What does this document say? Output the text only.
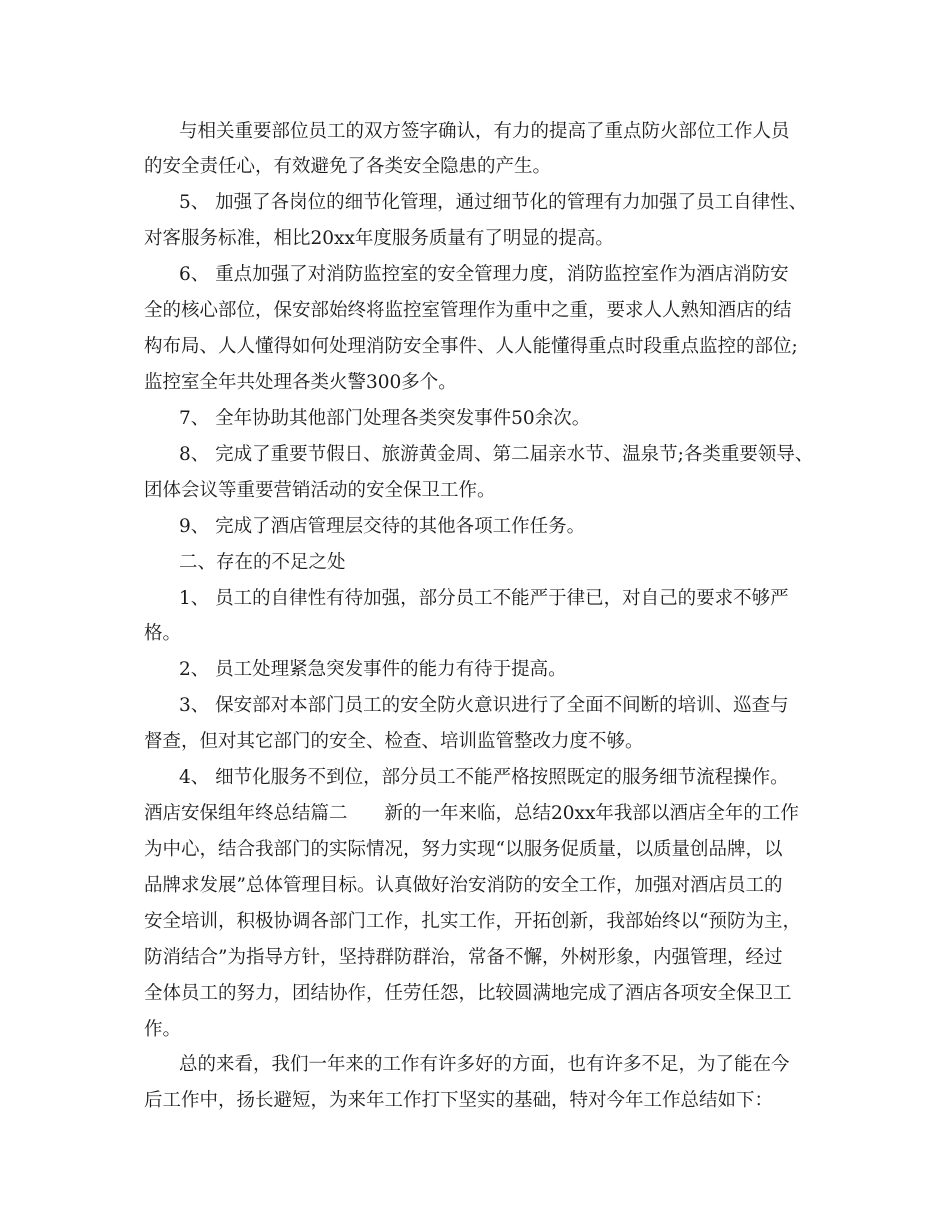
与相关重要部位员工的双方签字确认，有力的提高了重点防火部位工作人员
的安全责任心，有效避免了各类安全隐患的产生。
5、 加强了各岗位的细节化管理，通过细节化的管理有力加强了员工自律性、
对客服务标准，相比20xx年度服务质量有了明显的提高。
6、 重点加强了对消防监控室的安全管理力度，消防监控室作为酒店消防安
全的核心部位，保安部始终将监控室管理作为重中之重，要求人人熟知酒店的结
构布局、人人懂得如何处理消防安全事件、人人能懂得重点时段重点监控的部位;
监控室全年共处理各类火警300多个。
7、 全年协助其他部门处理各类突发事件50余次。
8、 完成了重要节假日、旅游黄金周、第二届亲水节、温泉节;各类重要领导、
团体会议等重要营销活动的安全保卫工作。
9、 完成了酒店管理层交待的其他各项工作任务。
二、存在的不足之处
1、 员工的自律性有待加强，部分员工不能严于律已，对自己的要求不够严
格。
2、 员工处理紧急突发事件的能力有待于提高。
3、 保安部对本部门员工的安全防火意识进行了全面不间断的培训、巡查与
督查，但对其它部门的安全、检查、培训监管整改力度不够。
4、 细节化服务不到位，部分员工不能严格按照既定的服务细节流程操作。
酒店安保组年终总结篇二　　新的一年来临，总结20xx年我部以酒店全年的工作
为中心，结合我部门的实际情况，努力实现“以服务促质量，以质量创品牌，以
品牌求发展”总体管理目标。认真做好治安消防的安全工作，加强对酒店员工的
安全培训，积极协调各部门工作，扎实工作，开拓创新，我部始终以“预防为主，
防消结合”为指导方针，坚持群防群治，常备不懈，外树形象，内强管理，经过
全体员工的努力，团结协作，任劳任怨，比较圆满地完成了酒店各项安全保卫工
作。
总的来看，我们一年来的工作有许多好的方面，也有许多不足，为了能在今
后工作中，扬长避短，为来年工作打下坚实的基础，特对今年工作总结如下：
